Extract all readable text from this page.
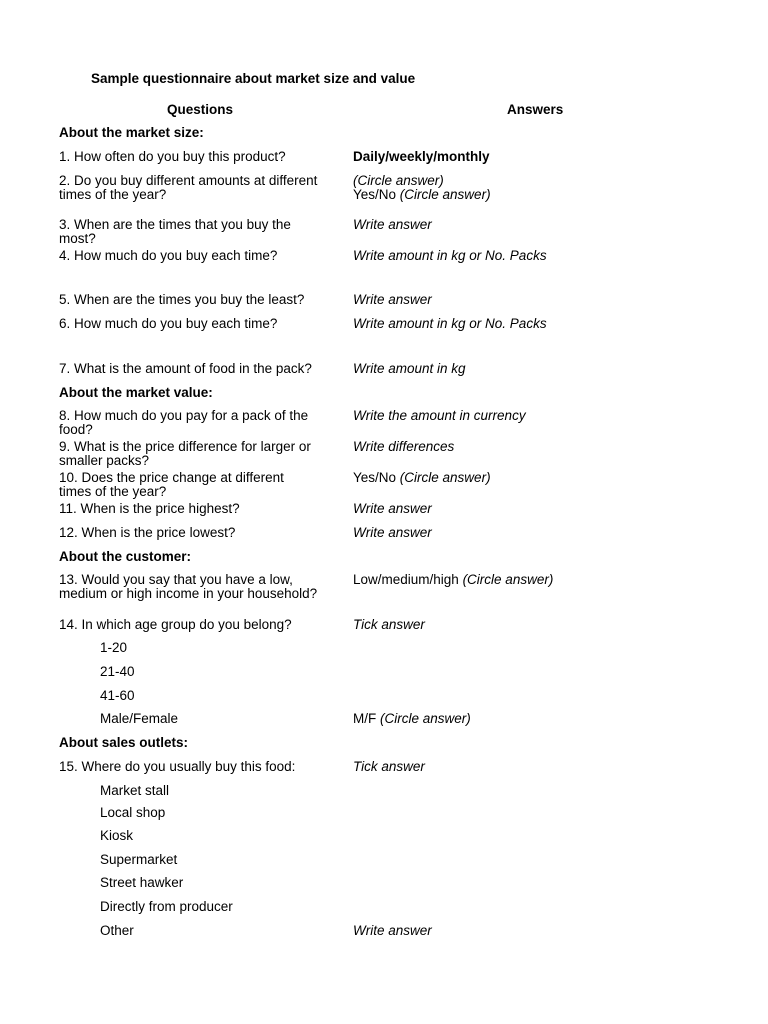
Sample questionnaire about market size and value
Questions	Answers
About the market size:
1. How often do you buy this product?	Daily/weekly/monthly
2. Do you buy different amounts at different
times of the year?
(Circle answer)
Yes/No (Circle answer)
3. When are the times that you buy the
most?
Write answer
4. How much do you buy each time?	Write amount in kg or No. Packs
5. When are the times you buy the least?	Write answer
6. How much do you buy each time?	Write amount in kg or No. Packs
7. What is the amount of food in the pack?	Write amount in kg
About the market value:
8. How much do you pay for a pack of the
food?
Write the amount in currency
9. What is the price difference for larger or
smaller packs?
Write differences
10. Does the price change at different
times of the year?
Yes/No (Circle answer)
11. When is the price highest?	Write answer
12. When is the price lowest?	Write answer
About the customer:
13. Would you say that you have a low,
medium or high income in your household?
Low/medium/high (Circle answer)
14. In which age group do you belong?	Tick answer
1-20
21-40
41-60
Male/Female	M/F (Circle answer)
About sales outlets:
15. Where do you usually buy this food:	Tick answer
Market stall
Local shop
Kiosk
Supermarket
Street hawker
Directly from producer
Other	Write answer
